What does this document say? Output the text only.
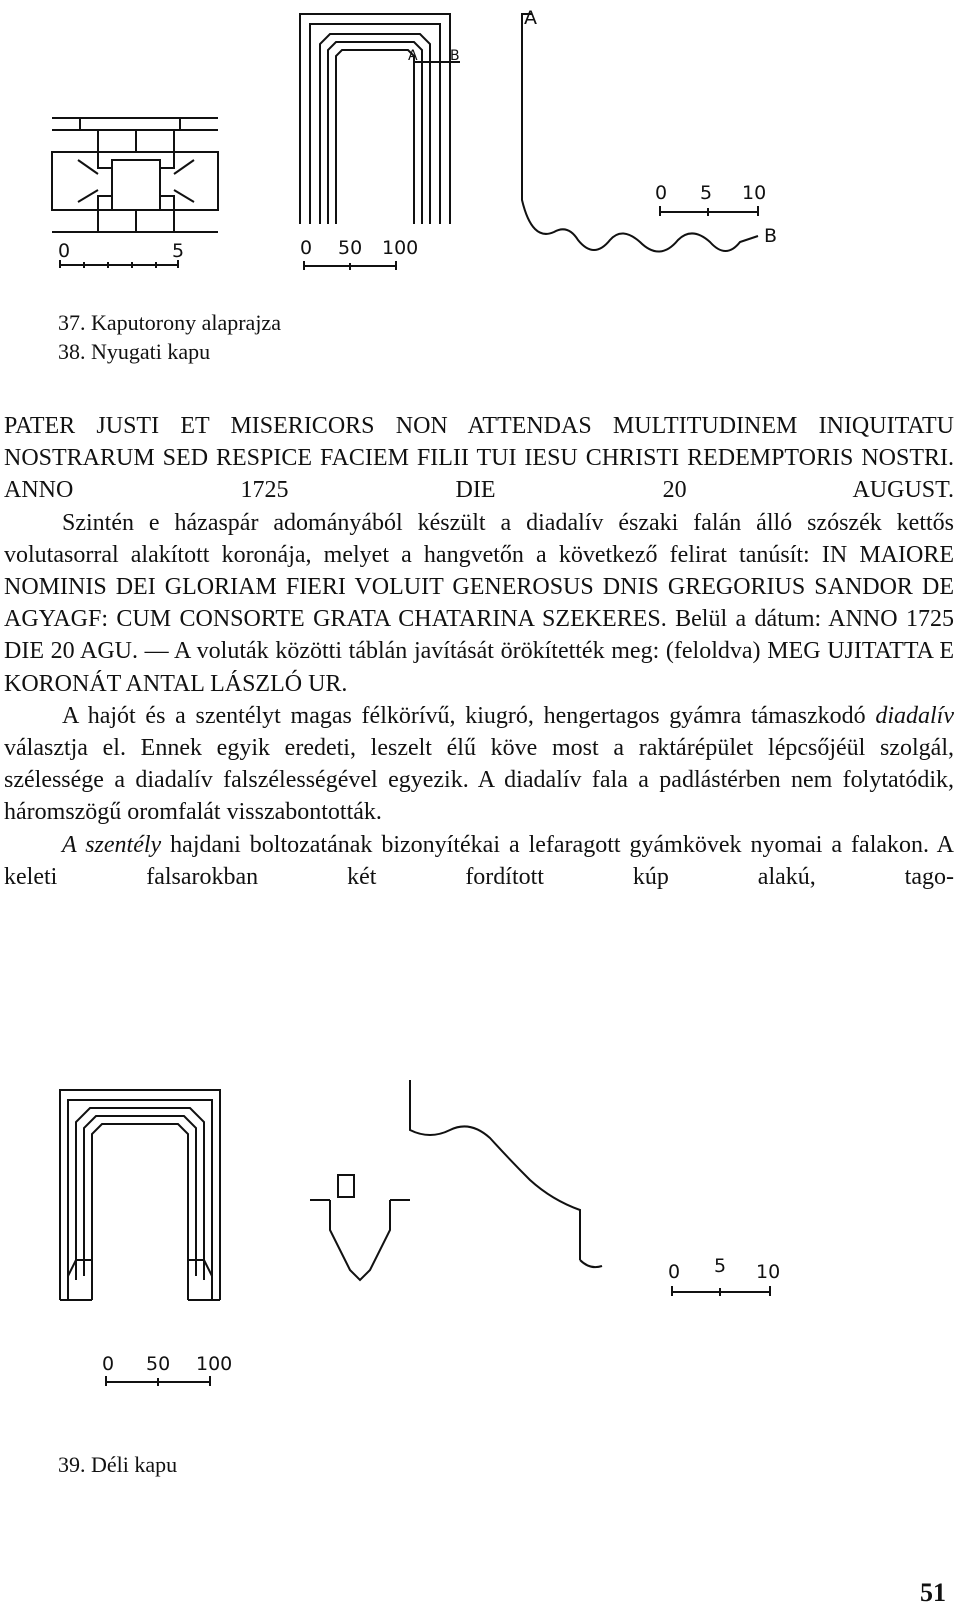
0	5
A B
0 50 100
A
B
0 5 10
37. Kaputorony alaprajza
38. Nyugati kapu

PATER JUSTI ET MISERICORS NON ATTENDAS MULTITUDINEM INIQUITATU NOSTRARUM SED RESPICE FACIEM FILII TUI IESU CHRISTI REDEMPTORIS NOSTRI. ANNO 1725 DIE 20 AUGUST.

Szintén e házaspár adományából készült a diadalív északi falán álló szószék kettős volutasorral alakított koronája, melyet a hangvetőn a következő felirat tanúsít: IN MAIORE NOMINIS DEI GLORIAM FIERI VOLUIT GENEROSUS DNIS GREGORIUS SANDOR DE AGYAGF: CUM CONSORTE GRATA CHATARINA SZEKERES. Belül a dátum: ANNO 1725 DIE 20 AGU. — A voluták közötti táblán javítását örökítették meg: (feloldva) MEG UJITATTA E KORONÁT ANTAL LÁSZLÓ UR.

A hajót és a szentélyt magas félkörívű, kiugró, hengertagos gyámra támaszkodó diadalív választja el. Ennek egyik eredeti, leszelt élű köve most a raktárépület lépcsőjéül szolgál, szélessége a diadalív falszélességével egyezik. A diadalív fala a padlástérben nem folytatódik, háromszögű oromfalát visszabontották.

A szentély hajdani boltozatának bizonyítékai a lefaragott gyámkövek nyomai a falakon. A keleti falsarokban két fordított kúp alakú, tago-

0 50 100
0 5 10
39. Déli kapu
51
